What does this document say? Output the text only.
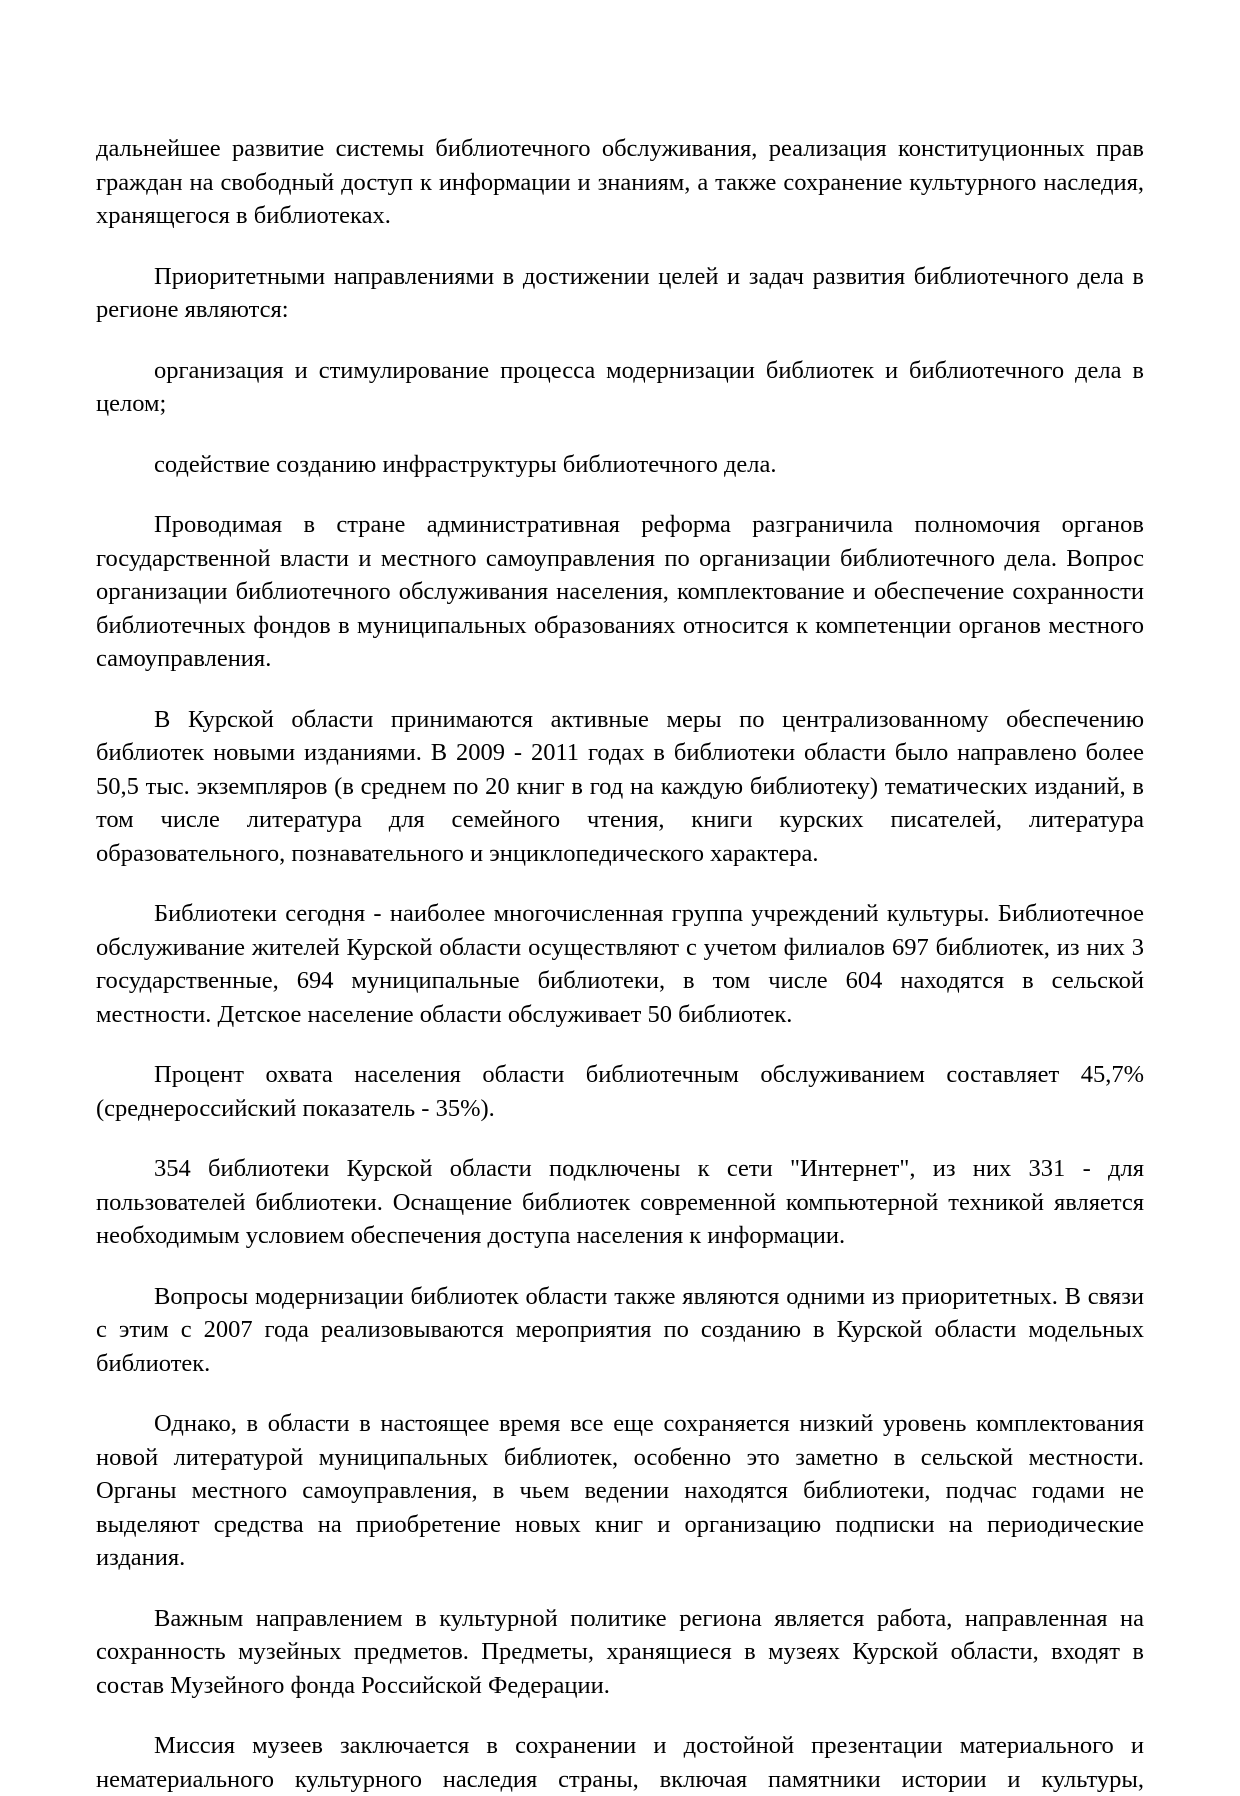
дальнейшее развитие системы библиотечного обслуживания, реализация конституционных прав граждан на свободный доступ к информации и знаниям, а также сохранение культурного наследия, хранящегося в библиотеках.

Приоритетными направлениями в достижении целей и задач развития библиотечного дела в регионе являются:

организация и стимулирование процесса модернизации библиотек и библиотечного дела в целом;

содействие созданию инфраструктуры библиотечного дела.

Проводимая в стране административная реформа разграничила полномочия органов государственной власти и местного самоуправления по организации библиотечного дела. Вопрос организации библиотечного обслуживания населения, комплектование и обеспечение сохранности библиотечных фондов в муниципальных образованиях относится к компетенции органов местного самоуправления.

В Курской области принимаются активные меры по централизованному обеспечению библиотек новыми изданиями. В 2009 - 2011 годах в библиотеки области было направлено более 50,5 тыс. экземпляров (в среднем по 20 книг в год на каждую библиотеку) тематических изданий, в том числе литература для семейного чтения, книги курских писателей, литература образовательного, познавательного и энциклопедического характера.

Библиотеки сегодня - наиболее многочисленная группа учреждений культуры. Библиотечное обслуживание жителей Курской области осуществляют с учетом филиалов 697 библиотек, из них 3 государственные, 694 муниципальные библиотеки, в том числе 604 находятся в сельской местности. Детское население области обслуживает 50 библиотек.

Процент охвата населения области библиотечным обслуживанием составляет 45,7% (среднероссийский показатель - 35%).

354 библиотеки Курской области подключены к сети "Интернет", из них 331 - для пользователей библиотеки. Оснащение библиотек современной компьютерной техникой является необходимым условием обеспечения доступа населения к информации.

Вопросы модернизации библиотек области также являются одними из приоритетных. В связи с этим с 2007 года реализовываются мероприятия по созданию в Курской области модельных библиотек.

Однако, в области в настоящее время все еще сохраняется низкий уровень комплектования новой литературой муниципальных библиотек, особенно это заметно в сельской местности. Органы местного самоуправления, в чьем ведении находятся библиотеки, подчас годами не выделяют средства на приобретение новых книг и организацию подписки на периодические издания.

Важным направлением в культурной политике региона является работа, направленная на сохранность музейных предметов. Предметы, хранящиеся в музеях Курской области, входят в состав Музейного фонда Российской Федерации.

Миссия музеев заключается в сохранении и достойной презентации материального и нематериального культурного наследия страны, включая памятники истории и культуры,
